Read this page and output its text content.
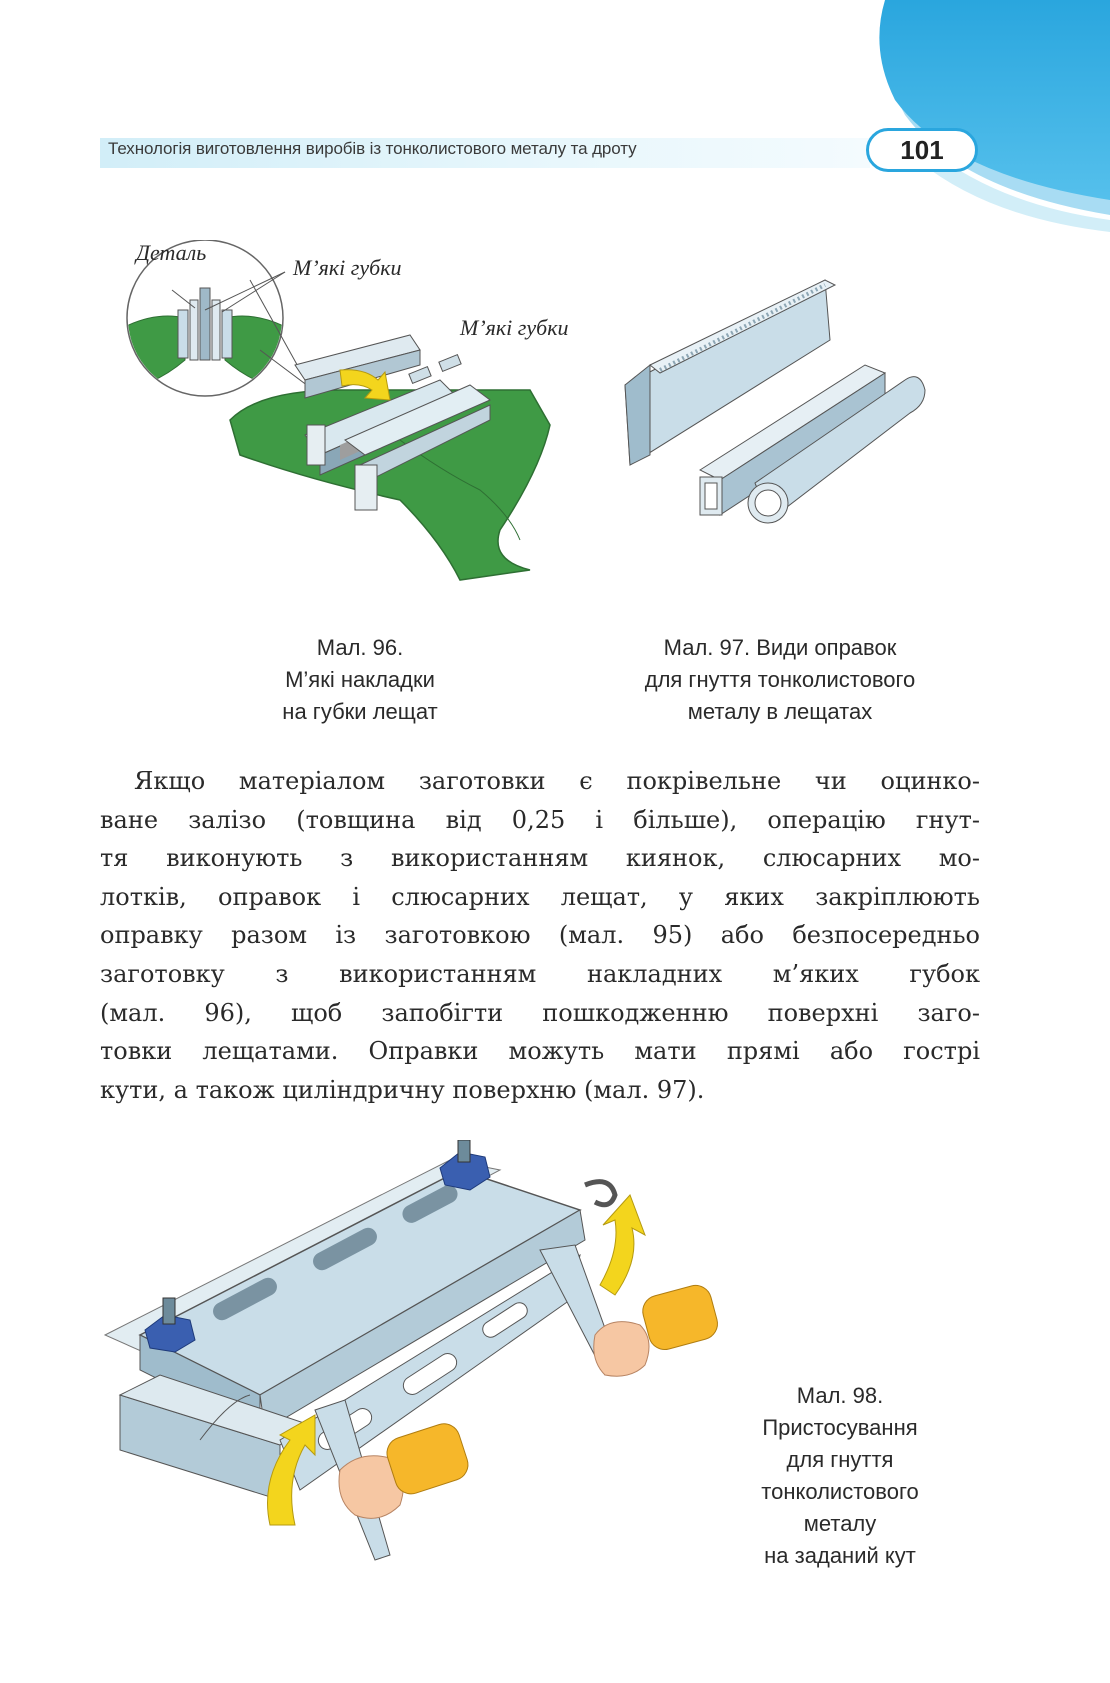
Технологія виготовлення виробів із тонколистового металу та дроту	101
Деталь
М’які губки
М’які губки
Мал. 96.
М’які накладки
на губки лещат
Мал. 97. Види оправок
для гнуття тонколистового
металу в лещатах
Якщо матеріалом заготовки є покрівельне чи оцинко-
ване залізо (товщина від 0,25 і більше), операцію гнут-
тя виконують з використанням киянок, слюсарних мо-
лотків, оправок і слюсарних лещат, у яких закріплюють
оправку разом із заготовкою (мал. 95) або безпосередньо
заготовку з використанням накладних м’яких губок
(мал. 96), щоб запобігти пошкодженню поверхні заго-
товки лещатами. Оправки можуть мати прямі або гострі
кути, а також циліндричну поверхню (мал. 97).
Мал. 98.
Пристосування
для гнуття
тонколистового
металу
на заданий кут
